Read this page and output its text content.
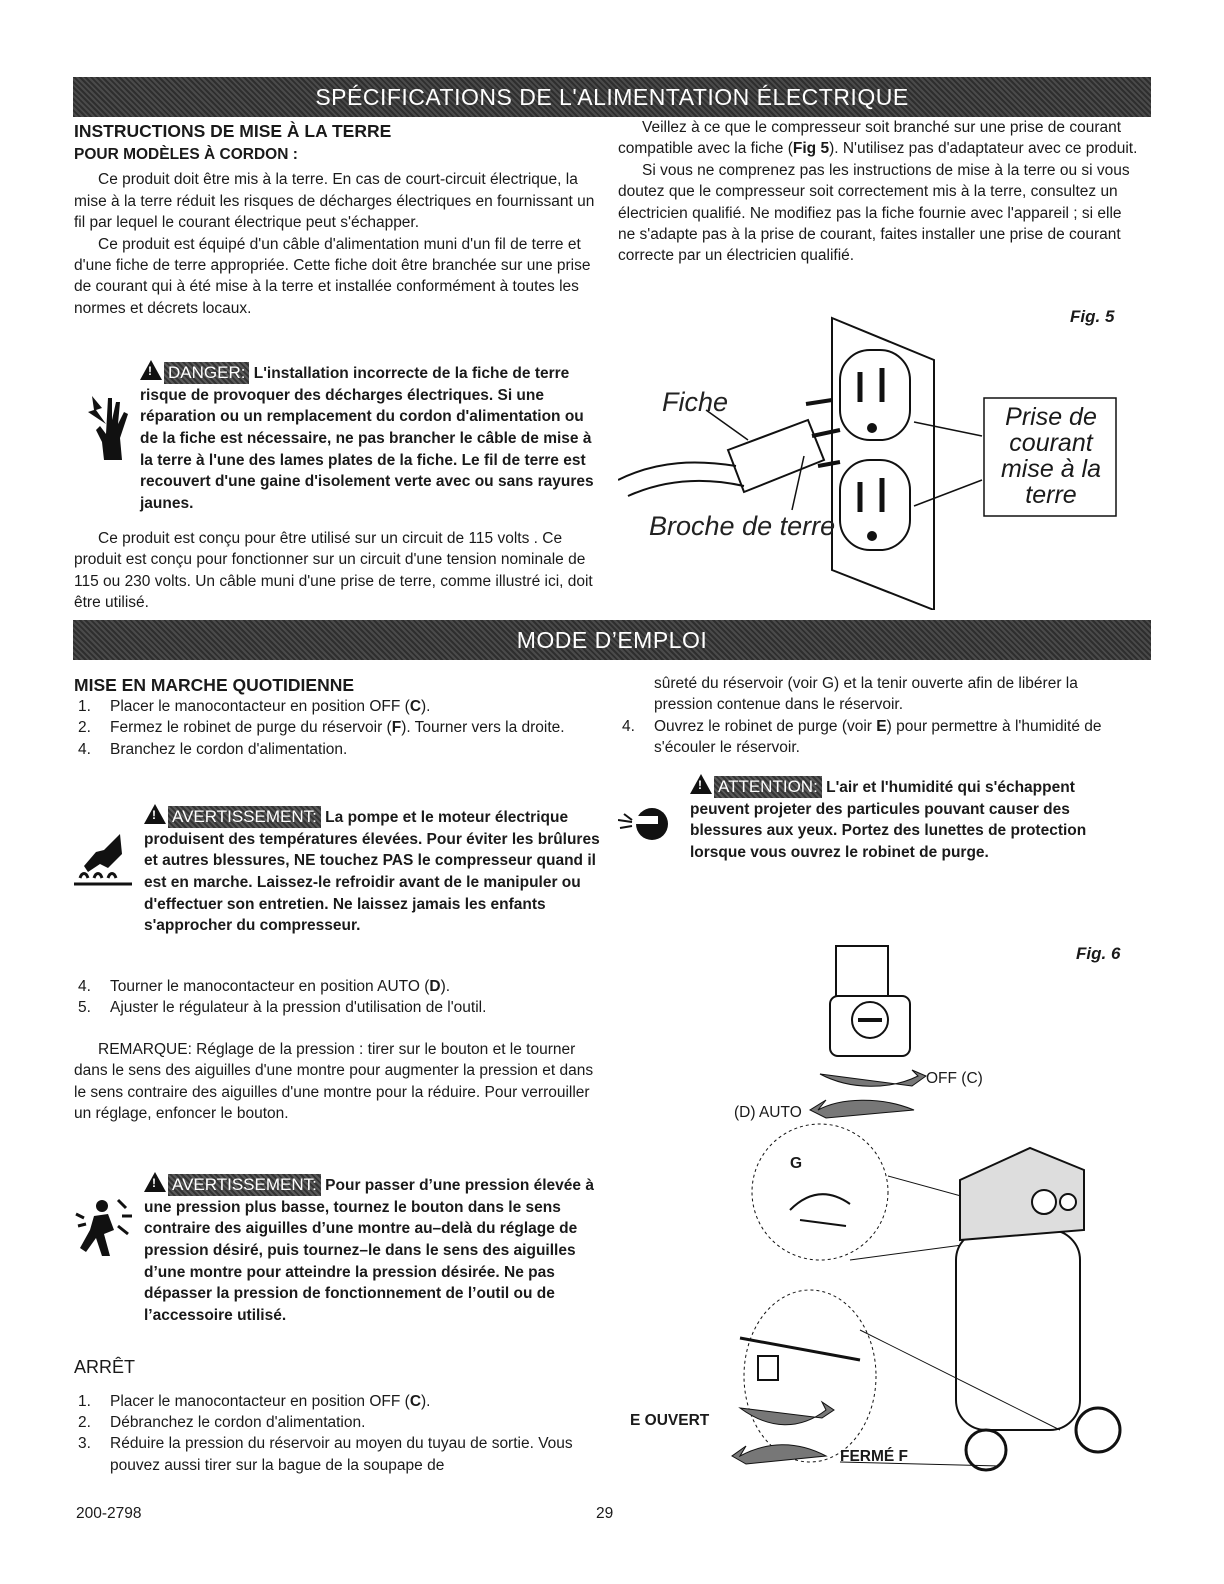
SPÉCIFICATIONS DE L'ALIMENTATION ÉLECTRIQUE
INSTRUCTIONS DE MISE À LA TERRE
POUR MODÈLES À CORDON :

Ce produit doit être mis à la terre. En cas de court-circuit électrique, la mise à la terre réduit les risques de décharges électriques en fournissant un fil par lequel le courant électrique peut s'échapper.

Ce produit est équipé d'un câble d'alimentation muni d'un fil de terre et d'une fiche de terre appropriée. Cette fiche doit être branchée sur une prise de courant qui à été mise à la terre et installée conformément à toutes les normes et décrets locaux.

! DANGER: L'installation incorrecte de la fiche de terre risque de provoquer des décharges électriques. Si une réparation ou un remplacement du cordon d'alimentation ou de la fiche est nécessaire, ne pas brancher le câble de mise à la terre à l'une des lames plates de la fiche. Le fil de terre est recouvert d'une gaine d'isolement verte avec ou sans rayures jaunes.

Ce produit est conçu pour être utilisé sur un circuit de 115 volts . Ce produit est conçu pour fonctionner sur un circuit d'une tension nominale de 115 ou 230 volts. Un câble muni d'une prise de terre, comme illustré ici, doit être utilisé.

Veillez à ce que le compresseur soit branché sur une prise de courant compatible avec la fiche (Fig 5). N'utilisez pas d'adaptateur avec ce produit.

Si vous ne comprenez pas les instructions de mise à la terre ou si vous doutez que le compresseur soit correctement mis à la terre, consultez un électricien qualifié. Ne modifiez pas la fiche fournie avec l'appareil ; si elle ne s'adapte pas à la prise de courant, faites installer une prise de courant correcte par un électricien qualifié.

Fig. 5
Fiche
Broche de terre
Prise de
courant
mise à la
terre
MODE D’EMPLOI
MISE EN MARCHE QUOTIDIENNE
1. Placer le manocontacteur en position OFF (C).
2. Fermez le robinet de purge du réservoir (F). Tourner vers la droite.
4. Branchez le cordon d'alimentation.
! AVERTISSEMENT: La pompe et le moteur électrique produisent des températures élevées. Pour éviter les brûlures et autres blessures, NE touchez PAS le compresseur quand il est en marche. Laissez-le refroidir avant de le manipuler ou d'effectuer son entretien. Ne laissez jamais les enfants s'approcher du compresseur.
4. Tourner le manocontacteur en position AUTO (D).
5. Ajuster le régulateur à la pression d'utilisation de l'outil.

REMARQUE: Réglage de la pression : tirer sur le bouton et le tourner dans le sens des aiguilles d'une montre pour augmenter la pression et dans le sens contraire des aiguilles d'une montre pour la réduire. Pour verrouiller un réglage, enfoncer le bouton.

! AVERTISSEMENT: Pour passer d’une pression élevée à une pression plus basse, tournez le bouton dans le sens contraire des aiguilles d’une montre au–delà du réglage de pression désiré, puis tournez–le dans le sens des aiguilles d’une montre pour atteindre la pression désirée. Ne pas dépasser la pression de fonctionnement de l’outil ou de l’accessoire utilisé.
ARRÊT
1. Placer le manocontacteur en position OFF (C).
2. Débranchez le cordon d'alimentation.
3. Réduire la pression du réservoir au moyen du tuyau de sortie. Vous pouvez aussi tirer sur la bague de la soupape de

sûreté du réservoir (voir G) et la tenir ouverte afin de libérer la pression contenue dans le réservoir.

4. Ouvrez le robinet de purge (voir E) pour permettre à l'humidité de s'écouler le réservoir.
! ATTENTION: L'air et l'humidité qui s'échappent peuvent projeter des particules pouvant causer des blessures aux yeux. Portez des lunettes de protection lorsque vous ouvrez le robinet de purge.
Fig. 6
OFF (C)
(D) AUTO
G
E OUVERT
FERMÉ F
200-2798	29
